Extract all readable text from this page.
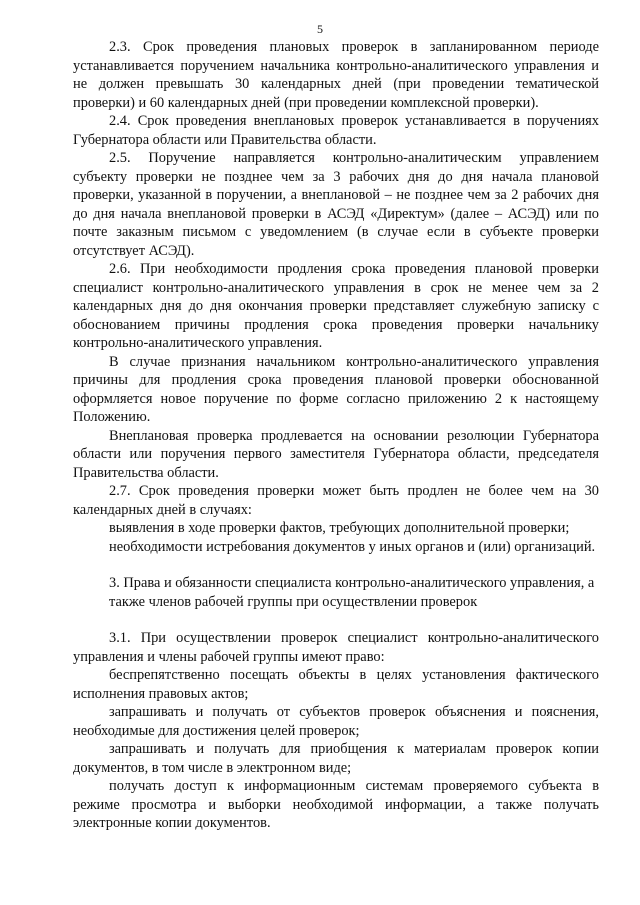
5

2.3. Срок проведения плановых проверок в запланированном периоде устанавливается поручением начальника контрольно-аналитического управления и не должен превышать 30 календарных дней (при проведении тематической проверки) и 60 календарных дней (при проведении комплексной проверки).

2.4. Срок проведения внеплановых проверок устанавливается в поручениях Губернатора области или Правительства области.

2.5. Поручение направляется контрольно-аналитическим управлением субъекту проверки не позднее чем за 3 рабочих дня до дня начала плановой проверки, указанной в поручении, а внеплановой – не позднее чем за 2 рабочих дня до дня начала внеплановой проверки в АСЭД «Директум» (далее – АСЭД) или по почте заказным письмом с уведомлением (в случае если в субъекте проверки отсутствует АСЭД).

2.6. При необходимости продления срока проведения плановой проверки специалист контрольно-аналитического управления в срок не менее чем за 2 календарных дня до дня окончания проверки представляет служебную записку с обоснованием причины продления срока проведения проверки начальнику контрольно-аналитического управления.

В случае признания начальником контрольно-аналитического управления причины для продления срока проведения плановой проверки обоснованной оформляется новое поручение по форме согласно приложению 2 к настоящему Положению.

Внеплановая проверка продлевается на основании резолюции Губернатора области или поручения первого заместителя Губернатора области, председателя Правительства области.

2.7. Срок проведения проверки может быть продлен не более чем на 30 календарных дней в случаях:

выявления в ходе проверки фактов, требующих дополнительной проверки;

необходимости истребования документов у иных органов и (или) организаций.

3. Права и обязанности специалиста контрольно-аналитического управления, а также членов рабочей группы при осуществлении проверок

3.1. При осуществлении проверок специалист контрольно-аналитического управления и члены рабочей группы имеют право:

беспрепятственно посещать объекты в целях установления фактического исполнения правовых актов;

запрашивать и получать от субъектов проверок объяснения и пояснения, необходимые для достижения целей проверок;

запрашивать и получать для приобщения к материалам проверок копии документов, в том числе в электронном виде;

получать доступ к информационным системам проверяемого субъекта в режиме просмотра и выборки необходимой информации, а также получать электронные копии документов.
